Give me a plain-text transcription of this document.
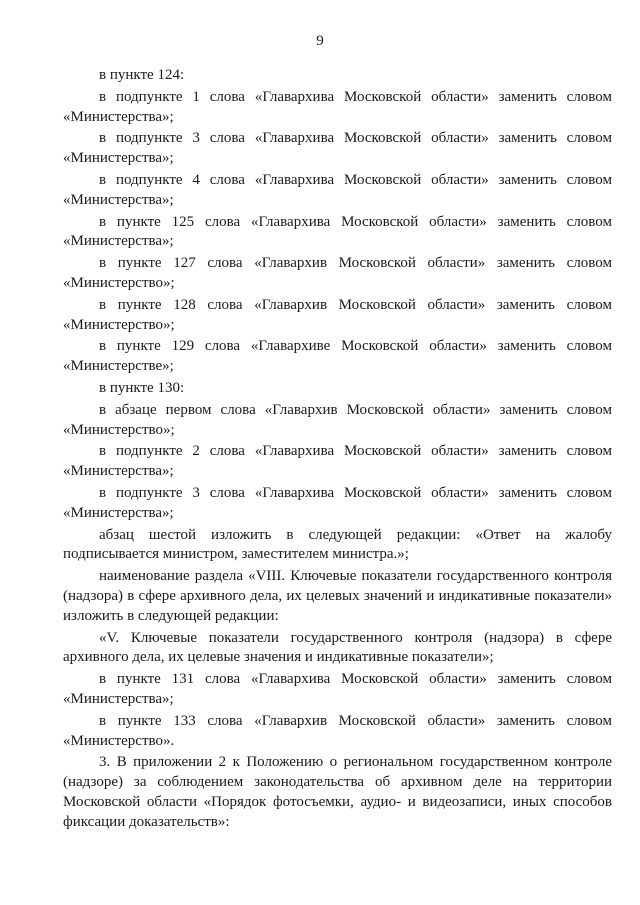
9

в пункте 124:

в подпункте 1 слова «Главархива Московской области» заменить словом «Министерства»;

в подпункте 3 слова «Главархива Московской области» заменить словом «Министерства»;

в подпункте 4 слова «Главархива Московской области» заменить словом «Министерства»;

в пункте 125 слова «Главархива Московской области» заменить словом «Министерства»;

в пункте 127 слова «Главархив Московской области» заменить словом «Министерство»;

в пункте 128 слова «Главархив Московской области» заменить словом «Министерство»;

в пункте 129 слова «Главархиве Московской области» заменить словом «Министерстве»;

в пункте 130:

в абзаце первом слова «Главархив Московской области» заменить словом «Министерство»;

в подпункте 2 слова «Главархива Московской области» заменить словом «Министерства»;

в подпункте 3 слова «Главархива Московской области» заменить словом «Министерства»;

абзац шестой изложить в следующей редакции: «Ответ на жалобу подписывается министром, заместителем министра.»;

наименование раздела «VIII. Ключевые показатели государственного контроля (надзора) в сфере архивного дела, их целевых значений и индикативные показатели» изложить в следующей редакции:

«V. Ключевые показатели государственного контроля (надзора) в сфере архивного дела, их целевые значения и индикативные показатели»;

в пункте 131 слова «Главархива Московской области» заменить словом «Министерства»;

в пункте 133 слова «Главархив Московской области» заменить словом «Министерство».

3. В приложении 2 к Положению о региональном государственном контроле (надзоре) за соблюдением законодательства об архивном деле на территории Московской области «Порядок фотосъемки, аудио- и видеозаписи, иных способов фиксации доказательств»:
